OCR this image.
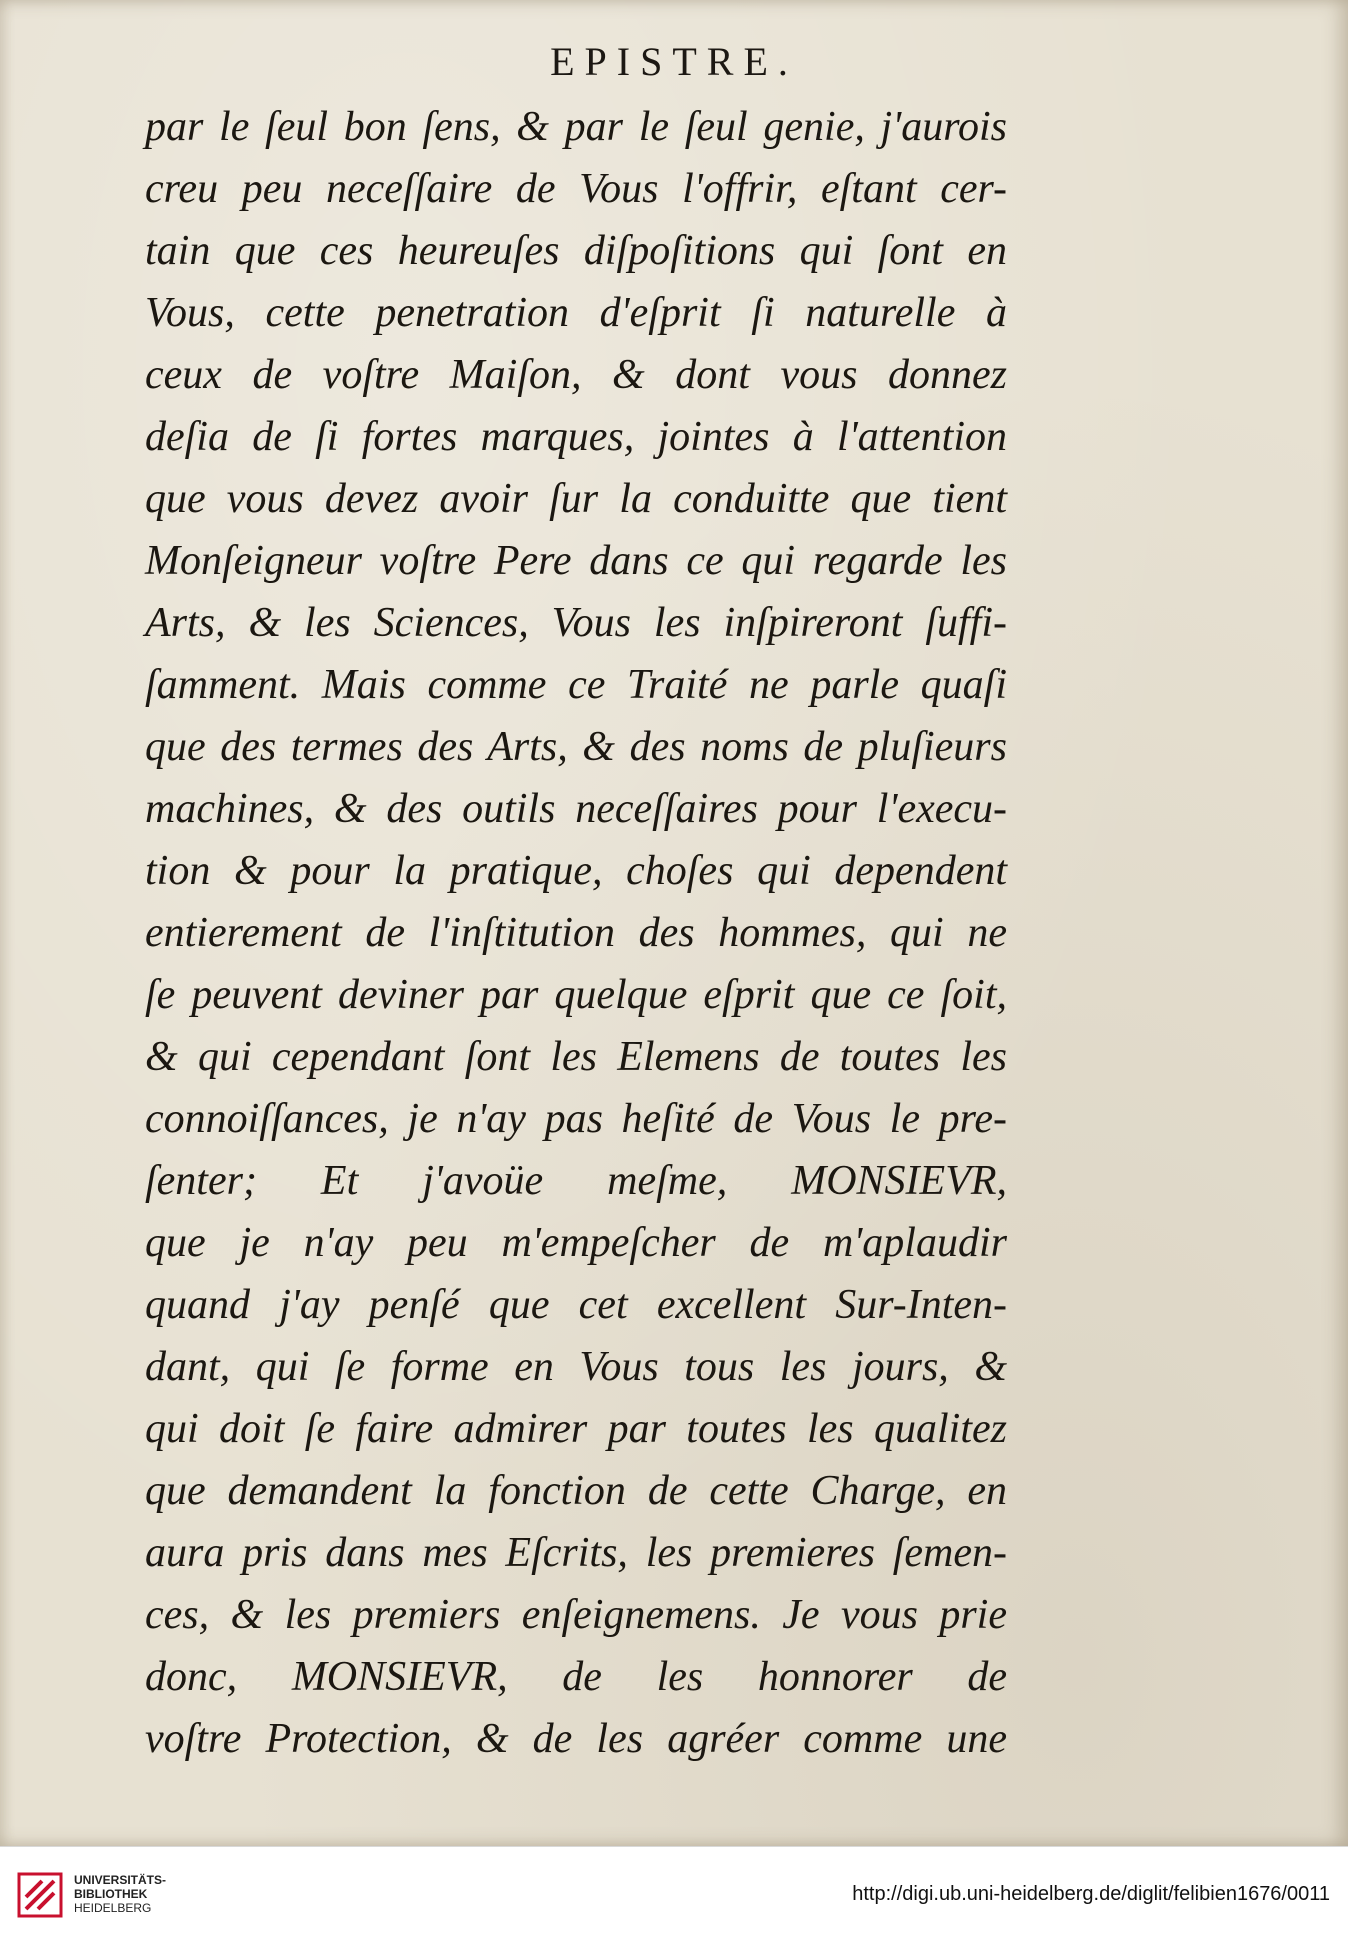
EPISTRE.
par le ſeul bon ſens, & par le ſeul genie, j'aurois
creu peu neceſſaire de Vous l'offrir, eſtant cer-
tain que ces heureuſes diſpoſitions qui ſont en
Vous, cette penetration d'eſprit ſi naturelle à
ceux de voſtre Maiſon, & dont vous donnez
deſia de ſi fortes marques, jointes à l'attention
que vous devez avoir ſur la conduitte que tient
Monſeigneur voſtre Pere dans ce qui regarde les
Arts, & les Sciences, Vous les inſpireront ſuffi-
ſamment. Mais comme ce Traité ne parle quaſi
que des termes des Arts, & des noms de pluſieurs
machines, & des outils neceſſaires pour l'execu-
tion & pour la pratique, choſes qui dependent
entierement de l'inſtitution des hommes, qui ne
ſe peuvent deviner par quelque eſprit que ce ſoit,
& qui cependant ſont les Elemens de toutes les
connoiſſances, je n'ay pas heſité de Vous le pre-
ſenter; Et j'avoüe meſme, MONSIEVR,
que je n'ay peu m'empeſcher de m'aplaudir
quand j'ay penſé que cet excellent Sur-Inten-
dant, qui ſe forme en Vous tous les jours, &
qui doit ſe faire admirer par toutes les qualitez
que demandent la fonction de cette Charge, en
aura pris dans mes Eſcrits, les premieres ſemen-
ces, & les premiers enſeignemens. Je vous prie
donc, MONSIEVR, de les honnorer de
voſtre Protection, & de les agréer comme une
UNIVERSITÄTS-
BIBLIOTHEK
HEIDELBERG
http://digi.ub.uni-heidelberg.de/diglit/felibien1676/0011
